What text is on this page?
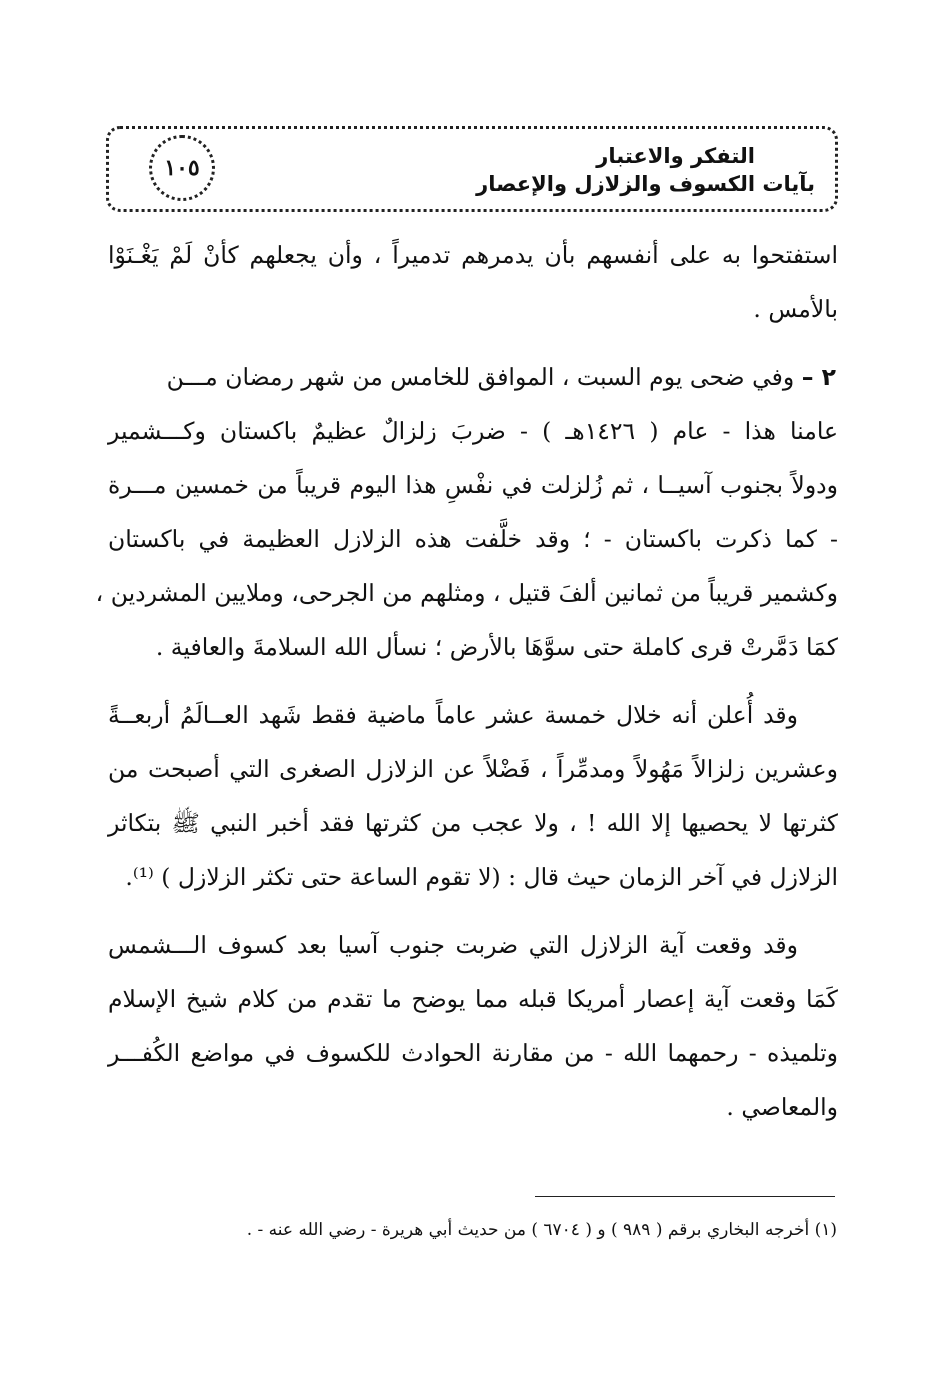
التفكر والاعتبار
بآيات الكسوف والزلازل والإعصار
١٠٥
استفتحوا به على أنفسهم بأن يدمرهم تدميراً ، وأن يجعلهم كأنْ لَمْ يَغْـنَوْا
بالأمس .
٢ – وفي ضحى يوم السبت ، الموافق للخامس من شهر رمضان مـــن
عامنا هذا - عام ( ١٤٢٦هـ ) - ضربَ زلزالٌ عظيمٌ باكستان وكـــشمير
ودولاً بجنوب آسيــا ، ثم زُلزلت في نفْسِ هذا اليوم قريباً من خمسين مـــرة
- كما ذكرت باكستان - ؛ وقد خلَّفت هذه الزلازل العظيمة في باكستان
وكشمير قريباً من ثمانين ألفَ قتيل ، ومثلهم من الجرحى، وملايين المشردين ،
كمَا دَمَّرتْ قرى كاملة حتى سوَّهَا بالأرض ؛ نسأل الله السلامةَ والعافية .
وقد أُعلن أنه خلال خمسة عشر عاماً ماضية فقط شَهد العــالَمُ أربعــةً
وعشرين زلزالاً مَهُولاً ومدمِّراً ، فَضْلاً عن الزلازل الصغرى التي أصبحت من
كثرتها لا يحصيها إلا الله ! ، ولا عجب من كثرتها فقد أخبر النبي ﷺ بتكاثر
الزلازل في آخر الزمان حيث قال : (لا تقوم الساعة حتى تكثر الزلازل ) ⁽¹⁾.
وقد وقعت آية الزلازل التي ضربت جنوب آسيا بعد كسوف الـــشمس
كَمَا وقعت آية إعصار أمريكا قبله مما يوضح ما تقدم من كلام شيخ الإسلام
وتلميذه - رحمهما الله - من مقارنة الحوادث للكسوف في مواضع الكُفـــر
والمعاصي .
(١) أخرجه البخاري برقم ( ٩٨٩ ) و ( ٦٧٠٤ ) من حديث أبي هريرة - رضي الله عنه - .
